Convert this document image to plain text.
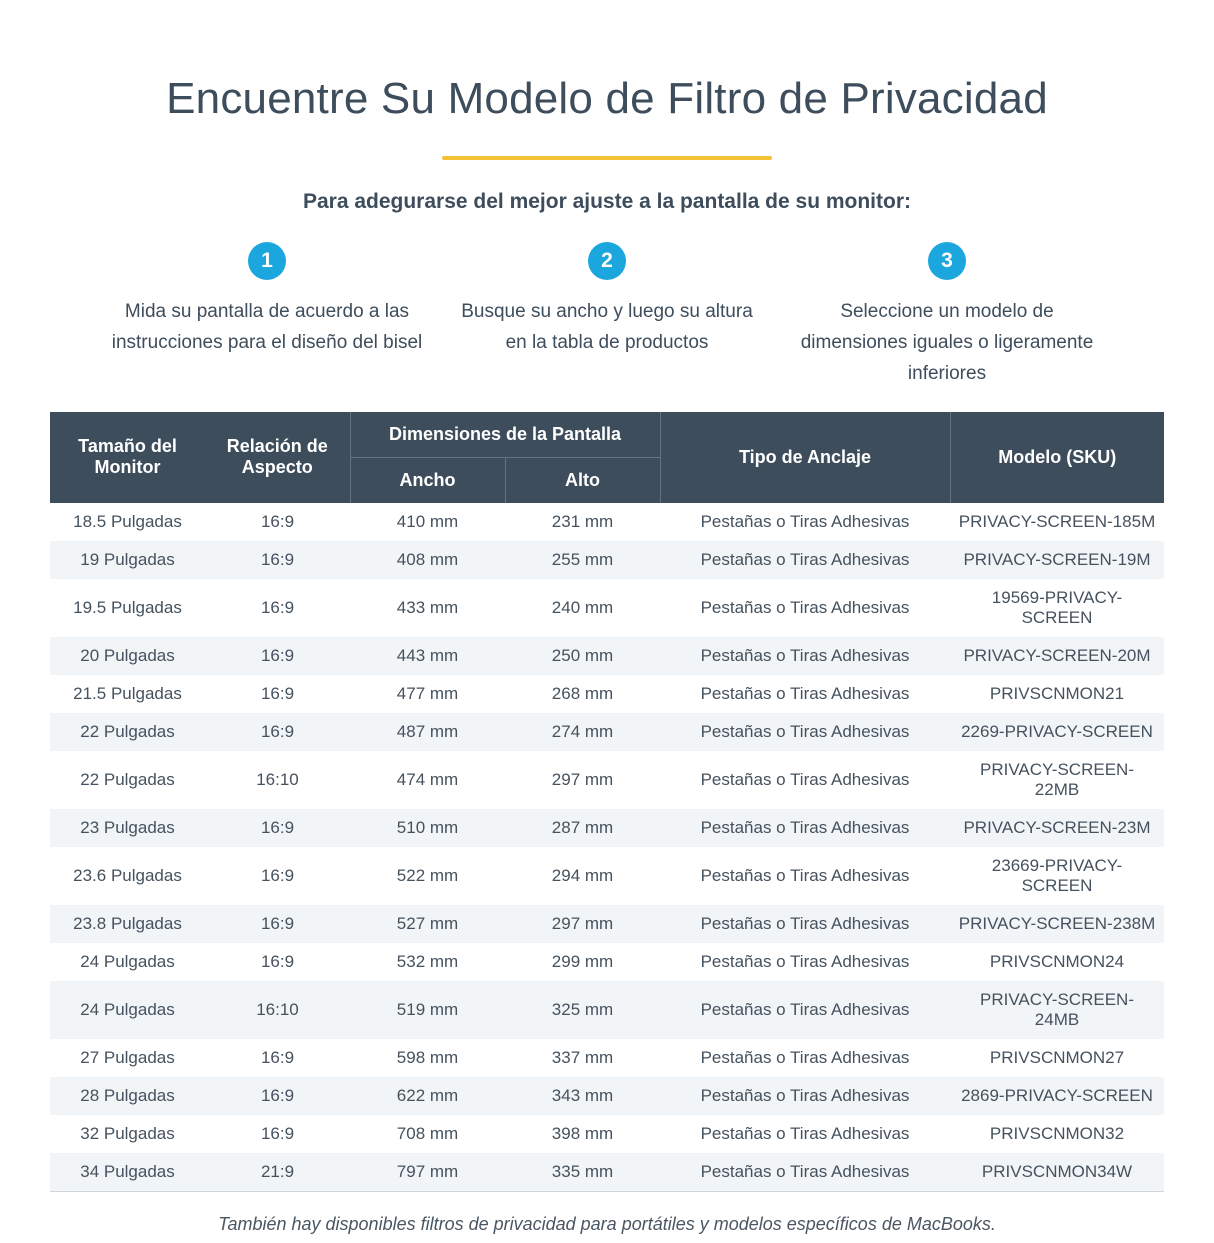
Encuentre Su Modelo de Filtro de Privacidad
Para adegurarse del mejor ajuste a la pantalla de su monitor:
1
Mida su pantalla de acuerdo a las instrucciones para el diseño del bisel
2
Busque su ancho y luego su altura en la tabla de productos
3
Seleccione un modelo de dimensiones iguales o ligeramente inferiores
Tamaño del Monitor	Relación de Aspecto	Dimensiones de la Pantalla		Tipo de Anclaje	Modelo (SKU)
		Ancho	Alto		
18.5 Pulgadas	16:9	410 mm	231 mm	Pestañas o Tiras Adhesivas	PRIVACY-SCREEN-185M
19 Pulgadas	16:9	408 mm	255 mm	Pestañas o Tiras Adhesivas	PRIVACY-SCREEN-19M
19.5 Pulgadas	16:9	433 mm	240 mm	Pestañas o Tiras Adhesivas	19569-PRIVACY-SCREEN
20 Pulgadas	16:9	443 mm	250 mm	Pestañas o Tiras Adhesivas	PRIVACY-SCREEN-20M
21.5 Pulgadas	16:9	477 mm	268 mm	Pestañas o Tiras Adhesivas	PRIVSCNMON21
22 Pulgadas	16:9	487 mm	274 mm	Pestañas o Tiras Adhesivas	2269-PRIVACY-SCREEN
22 Pulgadas	16:10	474 mm	297 mm	Pestañas o Tiras Adhesivas	PRIVACY-SCREEN-22MB
23 Pulgadas	16:9	510 mm	287 mm	Pestañas o Tiras Adhesivas	PRIVACY-SCREEN-23M
23.6 Pulgadas	16:9	522 mm	294 mm	Pestañas o Tiras Adhesivas	23669-PRIVACY-SCREEN
23.8 Pulgadas	16:9	527 mm	297 mm	Pestañas o Tiras Adhesivas	PRIVACY-SCREEN-238M
24 Pulgadas	16:9	532 mm	299 mm	Pestañas o Tiras Adhesivas	PRIVSCNMON24
24 Pulgadas	16:10	519 mm	325 mm	Pestañas o Tiras Adhesivas	PRIVACY-SCREEN-24MB
27 Pulgadas	16:9	598 mm	337 mm	Pestañas o Tiras Adhesivas	PRIVSCNMON27
28 Pulgadas	16:9	622 mm	343 mm	Pestañas o Tiras Adhesivas	2869-PRIVACY-SCREEN
32 Pulgadas	16:9	708 mm	398 mm	Pestañas o Tiras Adhesivas	PRIVSCNMON32
34 Pulgadas	21:9	797 mm	335 mm	Pestañas o Tiras Adhesivas	PRIVSCNMON34W
También hay disponibles filtros de privacidad para portátiles y modelos específicos de MacBooks.
